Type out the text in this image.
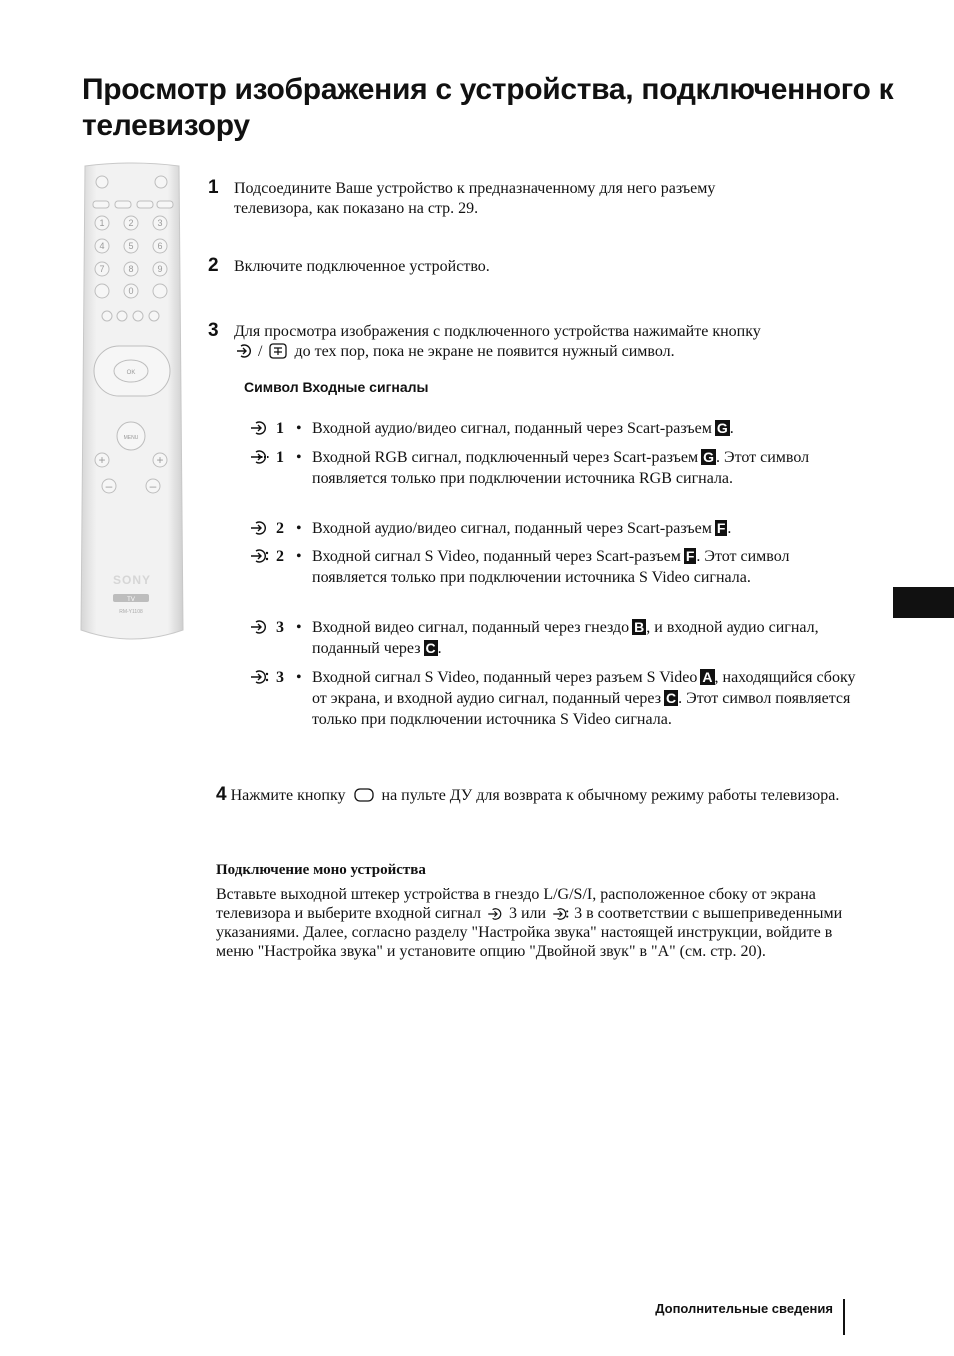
Просмотр изображения с устройства, подключенного к телевизору
1	2	3
4	5	6
7	8	9
0
+	+
–	–
OK
MENU
SONY
TV
RM-Y1108
1 Подсоедините Ваше устройство к предназначенному для него разъему
телевизора, как показано на стр. 29.
2 Включите подключенное устройство.
3 Для просмотра изображения с подключенного устройства нажимайте кнопку
/ до тех пор, пока не экране не появится нужный символ.
Символ Входные сигналы
1 • Входной аудио/видео сигнал, поданный через Scart-разъем G .
1 • Входной RGB сигнал, подключенный через Scart-разъем G . Этот символ появляется только при подключении источника RGB сигнала.
2 • Входной аудио/видео сигнал, поданный через Scart-разъем F .
2 • Входной сигнал S Video, поданный через Scart-разъем F . Этот символ появляется только при подключении источника S Video сигнала.
3 • Входной видео сигнал, поданный через гнездо B , и входной аудио сигнал, поданный через C .
3 • Входной сигнал S Video, поданный через разъем S Video A , находящийся сбоку от экрана, и входной аудио сигнал, поданный через C . Этот символ появляется только при подключении источника S Video сигнала.
4 Нажмите кнопку на пульте ДУ для возврата к обычному режиму работы телевизора.
Подключение моно устройства
Вставьте выходной штекер устройства в гнездо L/G/S/I, расположенное сбоку от экрана телевизора и выберите входной сигнал 3 или 3 в соответствии с вышеприведенными указаниями. Далее, согласно разделу "Настройка звука" настоящей инструкции, войдите в меню "Настройка звука" и установите опцию "Двойной звук" в "A" (см. стр. 20).
Дополнительные сведения
